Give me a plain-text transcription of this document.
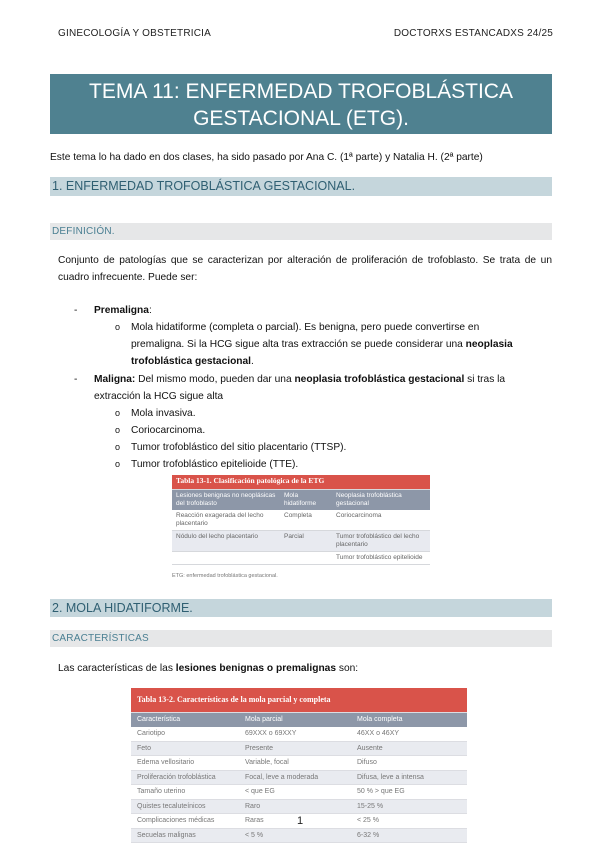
GINECOLOGÍA Y OBSTETRICIA	DOCTORXS ESTANCADXS 24/25
TEMA 11: ENFERMEDAD TROFOBLÁSTICA
GESTACIONAL (ETG).
Este tema lo ha dado en dos clases, ha sido pasado por Ana C. (1ª parte) y Natalia H. (2ª parte)
1. ENFERMEDAD TROFOBLÁSTICA GESTACIONAL.
DEFINICIÓN.
Conjunto de patologías que se caracterizan por alteración de proliferación de trofoblasto. Se trata de un cuadro infrecuente. Puede ser:
- Premaligna:
o Mola hidatiforme (completa o parcial). Es benigna, pero puede convertirse en
premaligna. Si la HCG sigue alta tras extracción se puede considerar una neoplasia
trofoblástica gestacional.
- Maligna: Del mismo modo, pueden dar una neoplasia trofoblástica gestacional si tras la
extracción la HCG sigue alta
o Mola invasiva.
o Coriocarcinoma.
o Tumor trofoblástico del sitio placentario (TTSP).
o Tumor trofoblástico epitelioide (TTE).
Tabla 13-1. Clasificación patológica de la ETG		
Lesiones benignas no neoplásicas del trofoblasto	Mola hidatiforme	Neoplasia trofoblástica gestacional
Reacción exagerada del lecho placentario	Completa	Coriocarcinoma
Nódulo del lecho placentario	Parcial	Tumor trofoblástico del lecho placentario
		Tumor trofoblástico epitelioide
ETG: enfermedad trofoblástica gestacional.
2. MOLA HIDATIFORME.
CARACTERÍSTICAS
Las características de las lesiones benignas o premalignas son:
Tabla 13-2. Características de la mola parcial y completa		
Característica	Mola parcial	Mola completa
Cariotipo	69XXX o 69XXY	46XX o 46XY
Feto	Presente	Ausente
Edema vellositario	Variable, focal	Difuso
Proliferación trofoblástica	Focal, leve a moderada	Difusa, leve a intensa
Tamaño uterino	< que EG	50 % > que EG
Quistes tecaluteínicos	Raro	15-25 %
Complicaciones médicas	Raras	< 25 %
Secuelas malignas	< 5 %	6-32 %
1
